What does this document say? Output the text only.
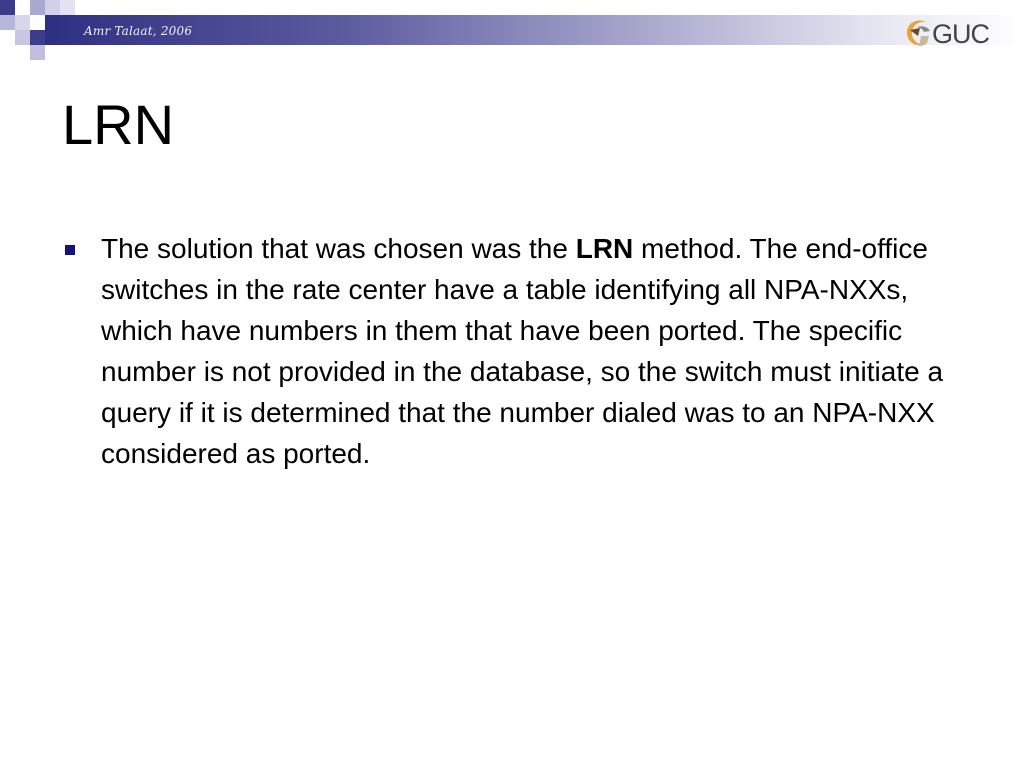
Amr Talaat, 2006	GUC
LRN

The solution that was chosen was the LRN method. The end-office switches in the rate center have a table identifying all NPA-NXXs, which have numbers in them that have been ported. The specific number is not provided in the database, so the switch must initiate a query if it is determined that the number dialed was to an NPA-NXX considered as ported.
